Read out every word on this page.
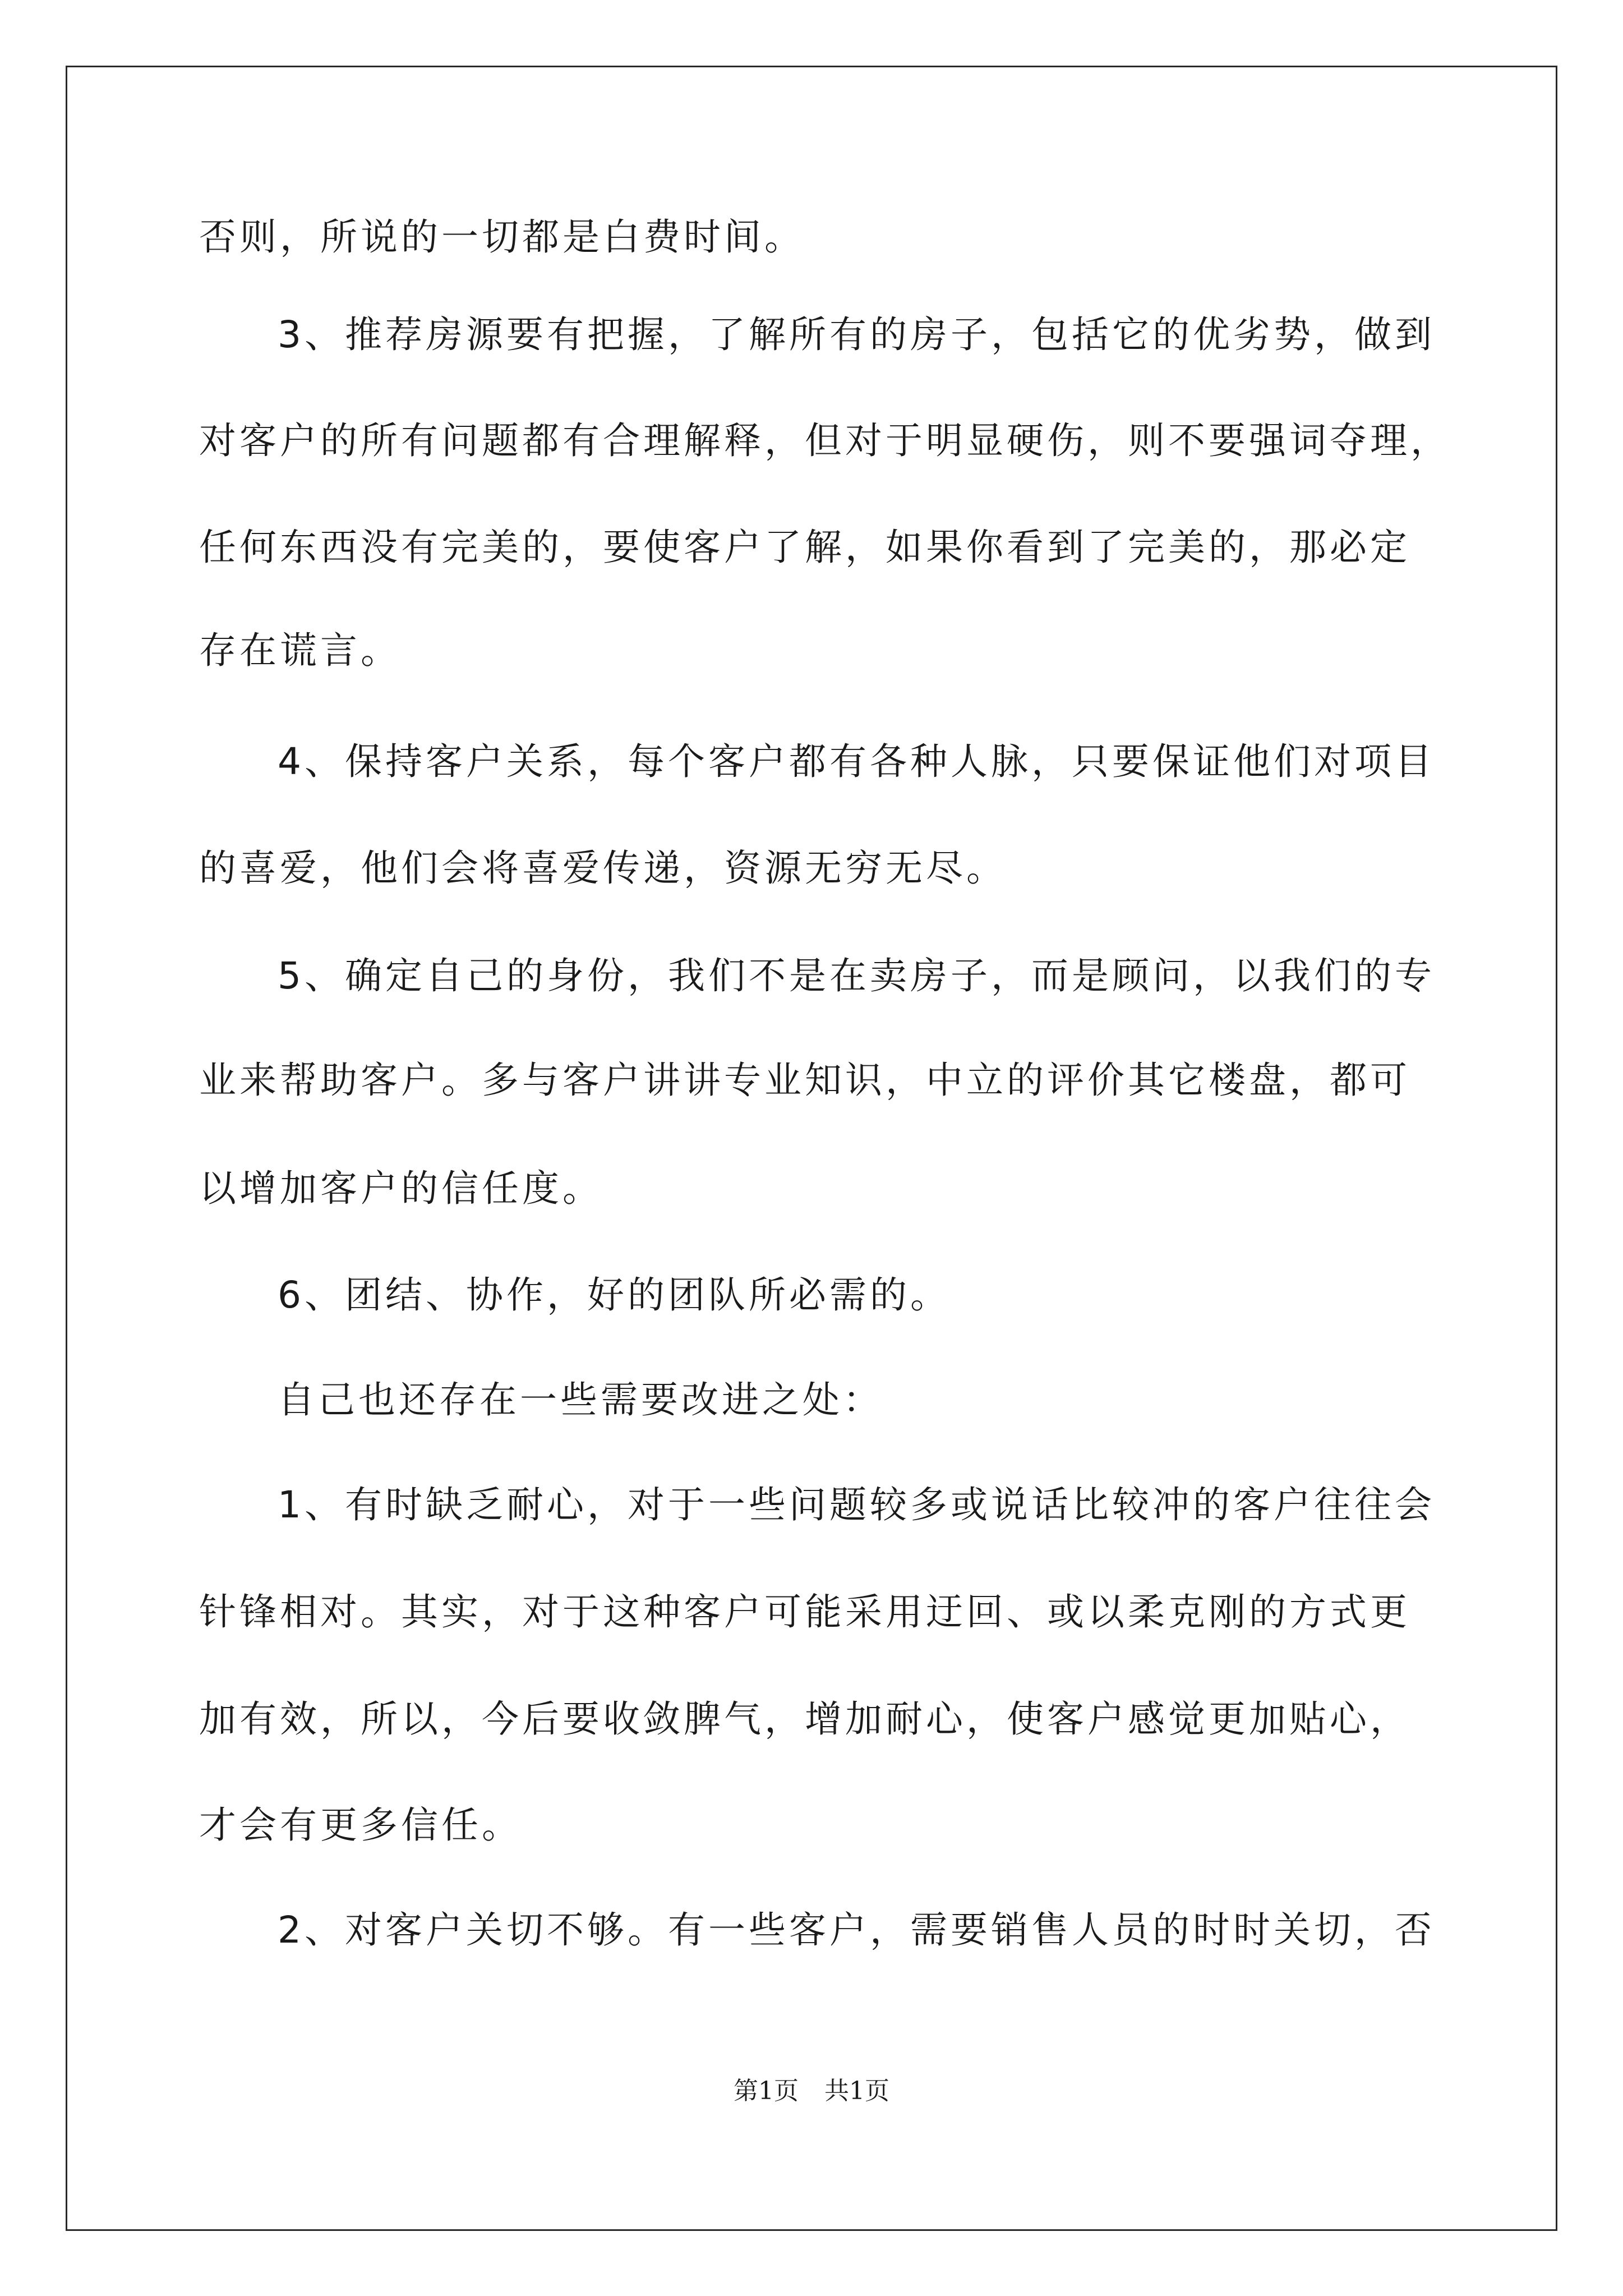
否则，所说的一切都是白费时间。
3、推荐房源要有把握，了解所有的房子，包括它的优劣势，做到
对客户的所有问题都有合理解释，但对于明显硬伤，则不要强词夺理，
任何东西没有完美的，要使客户了解，如果你看到了完美的，那必定
存在谎言。
4、保持客户关系，每个客户都有各种人脉，只要保证他们对项目
的喜爱，他们会将喜爱传递，资源无穷无尽。
5、确定自己的身份，我们不是在卖房子，而是顾问，以我们的专
业来帮助客户。多与客户讲讲专业知识，中立的评价其它楼盘，都可
以增加客户的信任度。
6、团结、协作，好的团队所必需的。
自己也还存在一些需要改进之处：
1、有时缺乏耐心，对于一些问题较多或说话比较冲的客户往往会
针锋相对。其实，对于这种客户可能采用迂回、或以柔克刚的方式更
加有效，所以，今后要收敛脾气，增加耐心，使客户感觉更加贴心，
才会有更多信任。
2、对客户关切不够。有一些客户，需要销售人员的时时关切，否
第1页 共1页
